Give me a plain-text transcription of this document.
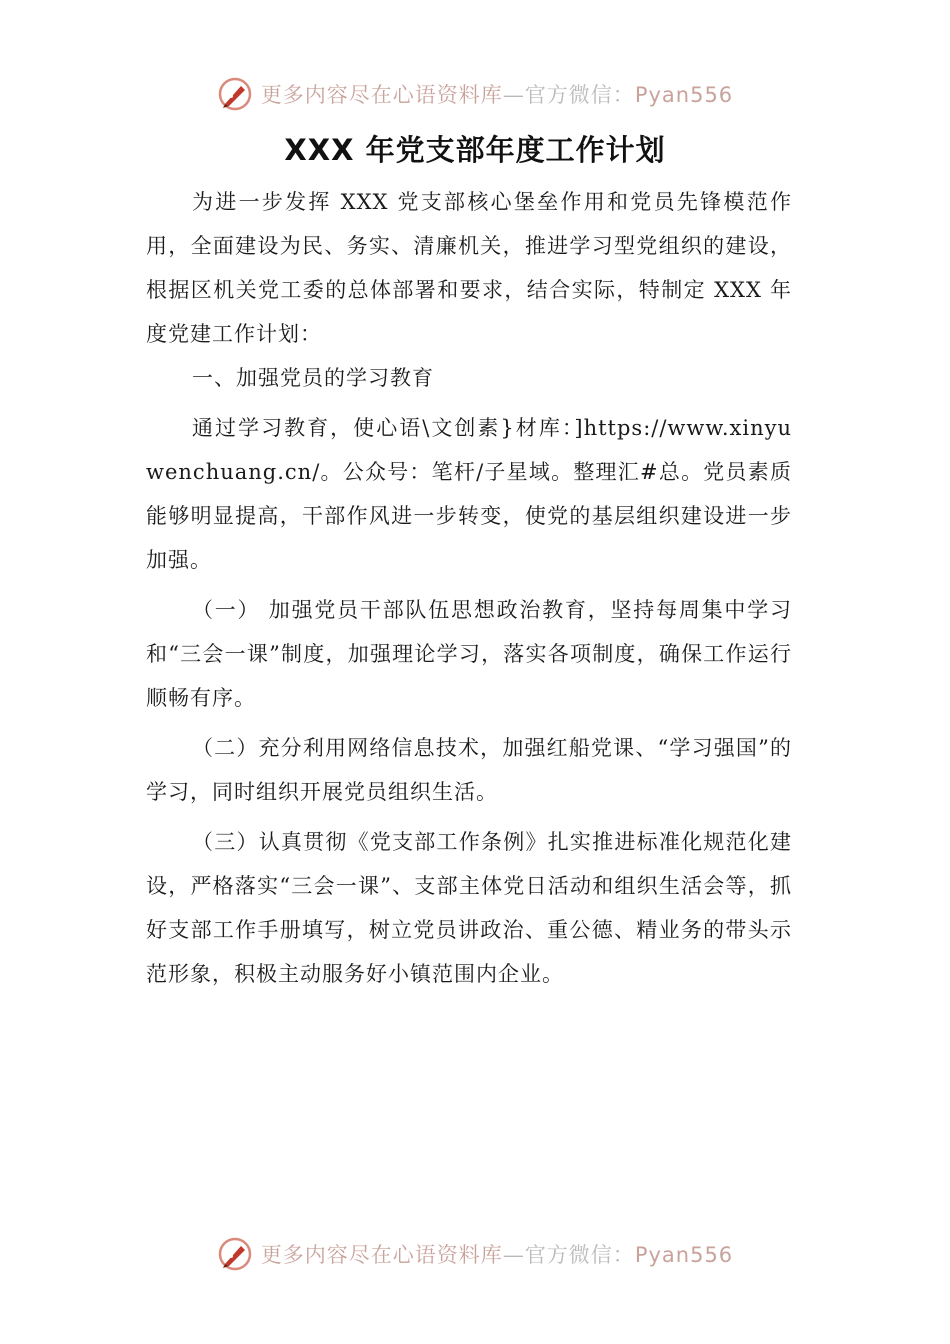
更多内容尽在心语资料库—官方微信：Pyan556
XXX 年党支部年度工作计划

为进一步发挥 XXX 党支部核心堡垒作用和党员先锋模范作用，全面建设为民、务实、清廉机关，推进学习型党组织的建设，根据区机关党工委的总体部署和要求，结合实际，特制定 XXX 年度党建工作计划：

一、加强党员的学习教育

通过学习教育，使心语\文创素}材库：]https://www.xinyuwenchuang.cn/。公众号：笔杆/子星域。整理汇#总。党员素质能够明显提高，干部作风进一步转变，使党的基层组织建设进一步加强。

（一） 加强党员干部队伍思想政治教育，坚持每周集中学习和“三会一课”制度，加强理论学习，落实各项制度，确保工作运行顺畅有序。

（二）充分利用网络信息技术，加强红船党课、“学习强国”的学习，同时组织开展党员组织生活。

（三）认真贯彻《党支部工作条例》扎实推进标准化规范化建设，严格落实“三会一课”、支部主体党日活动和组织生活会等，抓好支部工作手册填写，树立党员讲政治、重公德、精业务的带头示范形象，积极主动服务好小镇范围内企业。

更多内容尽在心语资料库—官方微信：Pyan556
